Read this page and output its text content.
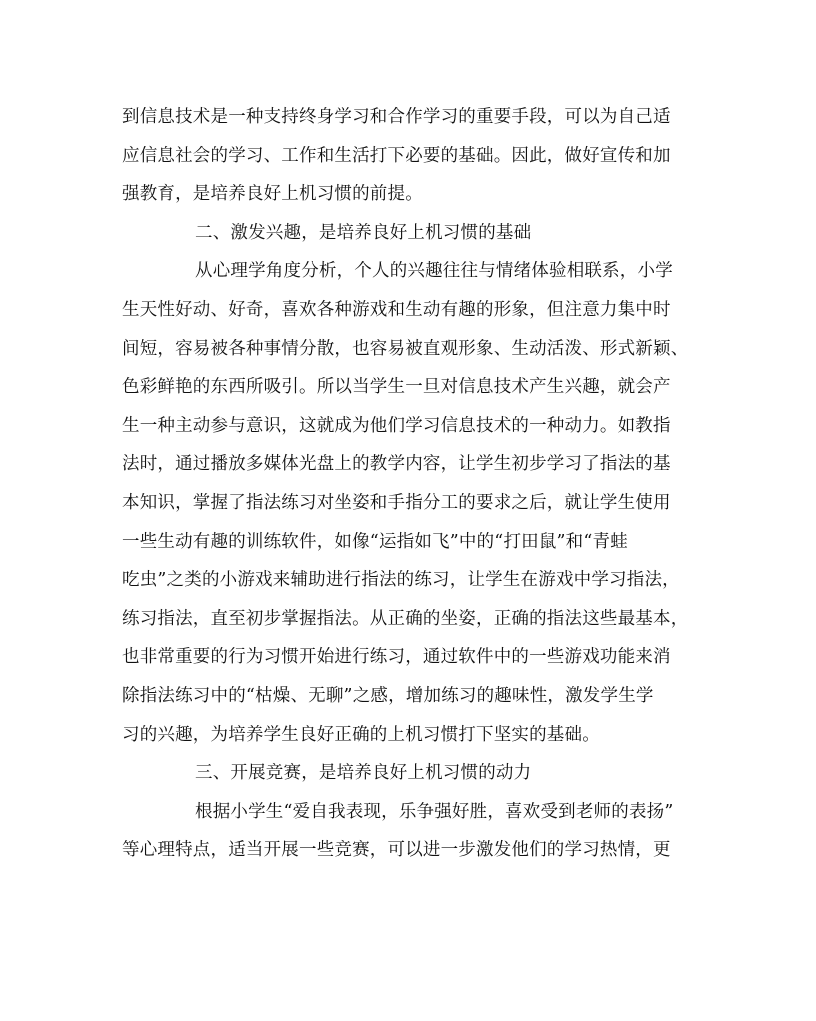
到信息技术是一种支持终身学习和合作学习的重要手段，可以为自己适
应信息社会的学习、工作和生活打下必要的基础。因此，做好宣传和加
强教育，是培养良好上机习惯的前提。
二、激发兴趣，是培养良好上机习惯的基础
从心理学角度分析，个人的兴趣往往与情绪体验相联系，小学
生天性好动、好奇，喜欢各种游戏和生动有趣的形象，但注意力集中时
间短，容易被各种事情分散，也容易被直观形象、生动活泼、形式新颖、
色彩鲜艳的东西所吸引。所以当学生一旦对信息技术产生兴趣，就会产
生一种主动参与意识，这就成为他们学习信息技术的一种动力。如教指
法时，通过播放多媒体光盘上的教学内容，让学生初步学习了指法的基
本知识，掌握了指法练习对坐姿和手指分工的要求之后，就让学生使用
一些生动有趣的训练软件，如像“运指如飞”中的“打田鼠”和“青蛙
吃虫”之类的小游戏来辅助进行指法的练习，让学生在游戏中学习指法，
练习指法，直至初步掌握指法。从正确的坐姿，正确的指法这些最基本，
也非常重要的行为习惯开始进行练习，通过软件中的一些游戏功能来消
除指法练习中的“枯燥、无聊”之感，增加练习的趣味性，激发学生学
习的兴趣，为培养学生良好正确的上机习惯打下坚实的基础。
三、开展竞赛，是培养良好上机习惯的动力
根据小学生“爱自我表现，乐争强好胜，喜欢受到老师的表扬”
等心理特点，适当开展一些竞赛，可以进一步激发他们的学习热情，更
